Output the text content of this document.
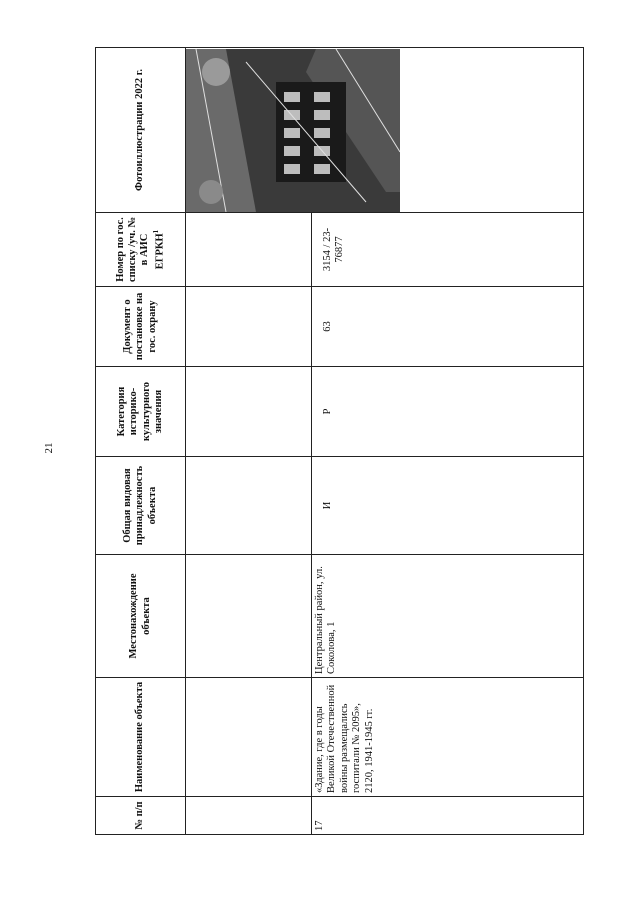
21
№ п/п	Наименование объекта	Местонахождение объекта	Общая видовая принадлежность объекта	Категория историко-культурного значения	Документ о постановке на гос. охрану	Номер по гос. списку /уч. № в АИС ЕГРКН$^1$	Фотоиллюстрации 2022 г.

17	«Здание, где в годы Великой Отечественной войны размещались госпитали № 2095», 2120, 1941-1945 гг.	Центральный район, ул. Соколова, 1	И	Р	63	3154 / 23-76877	
